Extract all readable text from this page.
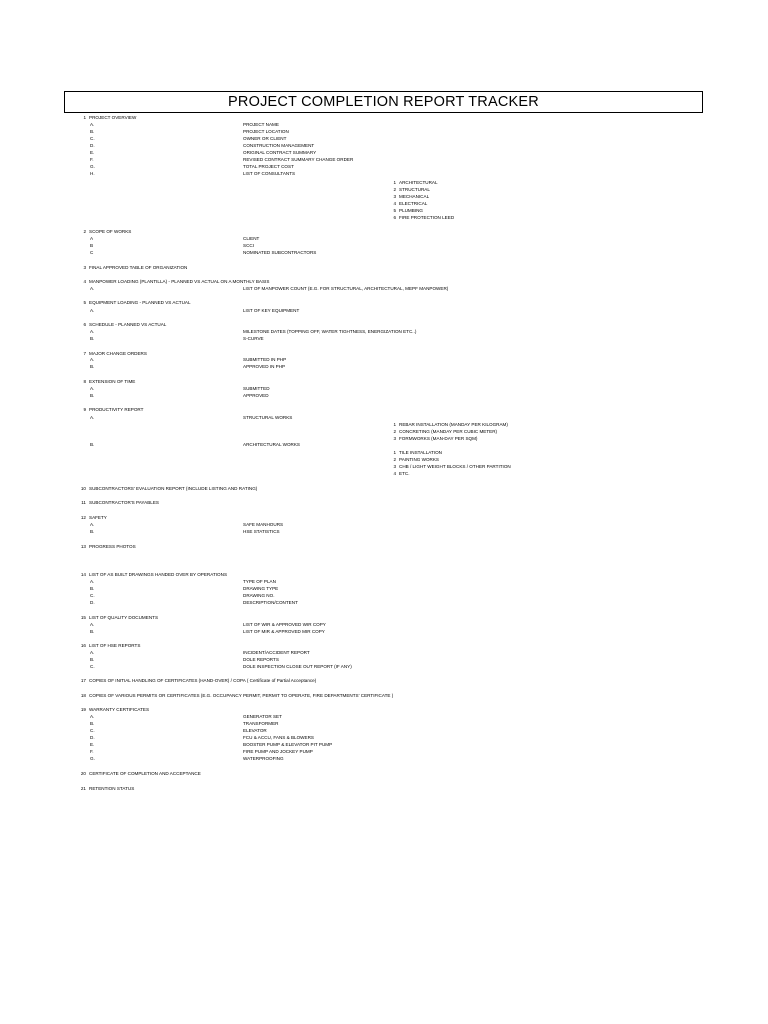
PROJECT COMPLETION REPORT TRACKER
1 PROJECT OVERVIEW
A.	PROJECT NAME
B.	PROJECT LOCATION
C.	OWNER OR CLIENT
D.	CONSTRUCTION MANAGEMENT
E.	ORIGINAL CONTRACT SUMMARY
F.	REVISED CONTRACT SUMMARY CHANGE ORDER
G.	TOTAL PROJECT COST
H.	LIST OF CONSULTANTS
1 ARCHITECTURAL
2 STRUCTURAL
3 MECHANICAL
4 ELECTRICAL
5 PLUMBING
6 FIRE PROTECTION LEED
2 SCOPE OF WORKS
A	CLIENT
B	SCCI
C	NOMINATED SUBCONTRACTORS
3 FINAL APPROVED TABLE OF ORGANIZATION
4 MANPOWER LOADING (PLANTILLA) - PLANNED VS ACTUAL ON A MONTHLY BASIS
A.	LIST OF MANPOWER COUNT (E.G. FOR STRUCTURAL, ARCHITECTURAL, MEPF MANPOWER)
5 EQUIPMENT LOADING - PLANNED VS ACTUAL
A.	LIST OF KEY EQUIPMENT
6 SCHEDULE - PLANNED VS ACTUAL
A.	MILESTONE DATES (TOPPING OFF, WATER TIGHTNESS, ENERGIZATION ETC..)
B.	S-CURVE
7 MAJOR CHANGE ORDERS
A.	SUBMITTED IN PHP
B.	APPROVED IN PHP
8 EXTENSION OF TIME
A.	SUBMITTED
B.	APPROVED
9 PRODUCTIVITY REPORT
A.	STRUCTURAL WORKS
1 REBAR INSTALLATION (MANDAY PER KILOGRAM)
2 CONCRETING (MANDAY PER CUBIC METER)
3 FORMWORKS (MAN-DAY PER SQM)
B.	ARCHITECTURAL WORKS
1 TILE INSTALLATION
2 PAINTING WORKS
3 CHB / LIGHT WEIGHT BLOCKS / OTHER PARTITION
4 ETC.
10 SUBCONTRACTORS' EVALUATION REPORT (INCLUDE LISTING AND RATING)
11 SUBCONTRACTOR'S PAYABLES
12 SAFETY
A.	SAFE MANHOURS
B.	HSE STATISTICS
13 PROGRESS PHOTOS
14 LIST OF AS BUILT DRAWINGS HANDED OVER BY OPERATIONS
A.	TYPE OF PLAN
B.	DRAWING TYPE
C.	DRAWING NO.
D.	DESCRIPTION/CONTENT
15 LIST OF QUALITY DOCUMENTS
A.	LIST OF WIR & APPROVED WIR COPY
B.	LIST OF MIR & APPROVED MIR COPY
16 LIST OF HSE REPORTS
A.	INCIDENT/ACCIDENT REPORT
B.	DOLE REPORTS
C.	DOLE INSPECTION CLOSE OUT REPORT (IF ANY)
17 COPIES OF INITIAL HANDLING OF CERTIFICATES (HAND-OVER) / COPA ( Certificate of Partial Acceptance)
18 COPIES OF VARIOUS PERMITS OR CERTIFICATES (E.G. OCCUPANCY PERMIT, PERMIT TO OPERATE, FIRE DEPARTMENTS' CERTIFICATE )
19 WARRANTY CERTIFICATES
A.	GENERATOR SET
B.	TRANSFORMER
C.	ELEVATOR
D.	FCU & ACCU, FANS & BLOWERS
E.	BOOSTER PUMP & ELEVATOR PIT PUMP
F.	FIRE PUMP AND JOCKEY PUMP
G.	WATERPROOFING
20 CERTIFICATE OF COMPLETION AND ACCEPTANCE
21 RETENTION STATUS
